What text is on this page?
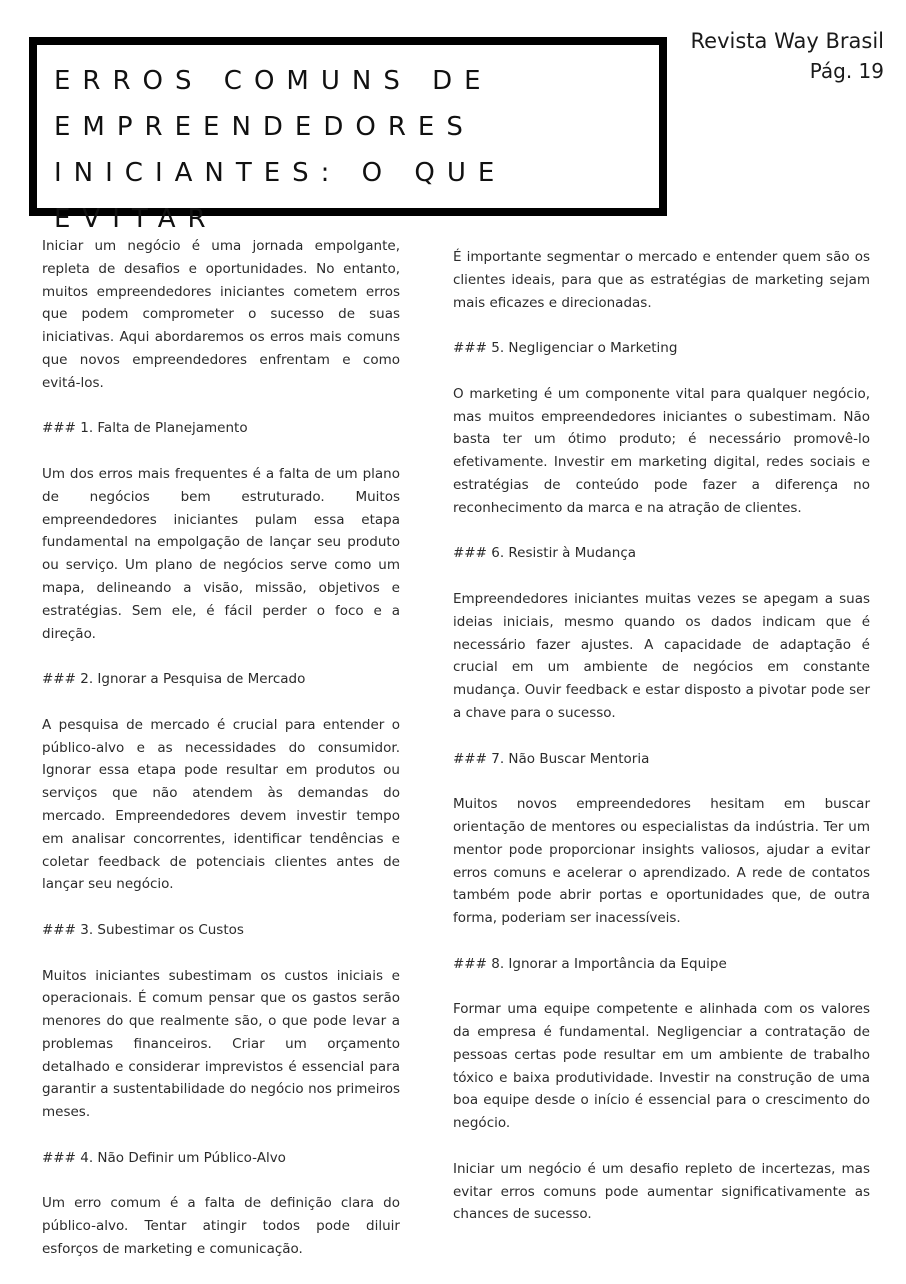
ERROS COMUNS DE
EMPREENDEDORES
INICIANTES: O QUE EVITAR
Revista Way Brasil
Pág. 19

Iniciar um negócio é uma jornada empolgante, repleta de desafios e oportunidades. No entanto, muitos empreendedores iniciantes cometem erros que podem comprometer o sucesso de suas iniciativas. Aqui abordaremos os erros mais comuns que novos empreendedores enfrentam e como evitá-los.

### 1. Falta de Planejamento

Um dos erros mais frequentes é a falta de um plano de negócios bem estruturado. Muitos empreendedores iniciantes pulam essa etapa fundamental na empolgação de lançar seu produto ou serviço. Um plano de negócios serve como um mapa, delineando a visão, missão, objetivos e estratégias. Sem ele, é fácil perder o foco e a direção.

### 2. Ignorar a Pesquisa de Mercado

A pesquisa de mercado é crucial para entender o público-alvo e as necessidades do consumidor. Ignorar essa etapa pode resultar em produtos ou serviços que não atendem às demandas do mercado. Empreendedores devem investir tempo em analisar concorrentes, identificar tendências e coletar feedback de potenciais clientes antes de lançar seu negócio.

### 3. Subestimar os Custos

Muitos iniciantes subestimam os custos iniciais e operacionais. É comum pensar que os gastos serão menores do que realmente são, o que pode levar a problemas financeiros. Criar um orçamento detalhado e considerar imprevistos é essencial para garantir a sustentabilidade do negócio nos primeiros meses.

### 4. Não Definir um Público-Alvo

Um erro comum é a falta de definição clara do público-alvo. Tentar atingir todos pode diluir esforços de marketing e comunicação.

É importante segmentar o mercado e entender quem são os clientes ideais, para que as estratégias de marketing sejam mais eficazes e direcionadas.

### 5. Negligenciar o Marketing

O marketing é um componente vital para qualquer negócio, mas muitos empreendedores iniciantes o subestimam. Não basta ter um ótimo produto; é necessário promovê-lo efetivamente. Investir em marketing digital, redes sociais e estratégias de conteúdo pode fazer a diferença no reconhecimento da marca e na atração de clientes.

### 6. Resistir à Mudança

Empreendedores iniciantes muitas vezes se apegam a suas ideias iniciais, mesmo quando os dados indicam que é necessário fazer ajustes. A capacidade de adaptação é crucial em um ambiente de negócios em constante mudança. Ouvir feedback e estar disposto a pivotar pode ser a chave para o sucesso.

### 7. Não Buscar Mentoria

Muitos novos empreendedores hesitam em buscar orientação de mentores ou especialistas da indústria. Ter um mentor pode proporcionar insights valiosos, ajudar a evitar erros comuns e acelerar o aprendizado. A rede de contatos também pode abrir portas e oportunidades que, de outra forma, poderiam ser inacessíveis.

### 8. Ignorar a Importância da Equipe

Formar uma equipe competente e alinhada com os valores da empresa é fundamental. Negligenciar a contratação de pessoas certas pode resultar em um ambiente de trabalho tóxico e baixa produtividade. Investir na construção de uma boa equipe desde o início é essencial para o crescimento do negócio.

Iniciar um negócio é um desafio repleto de incertezas, mas evitar erros comuns pode aumentar significativamente as chances de sucesso.
